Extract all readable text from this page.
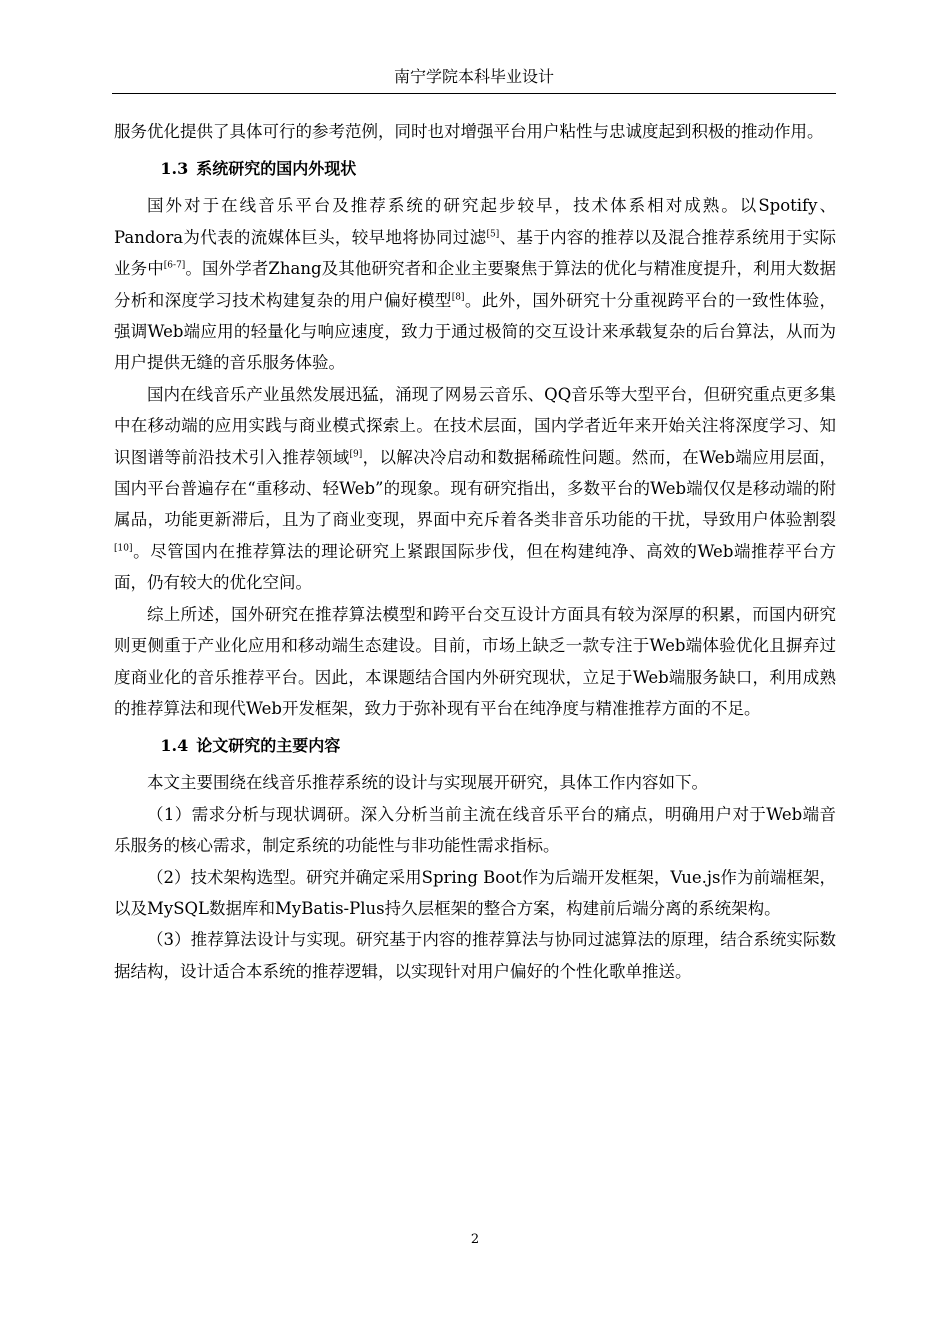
南宁学院本科毕业设计

服务优化提供了具体可行的参考范例，同时也对增强平台用户粘性与忠诚度起到积极的推动作用。

1.3 系统研究的国内外现状

国外对于在线音乐平台及推荐系统的研究起步较早，技术体系相对成熟。以Spotify、Pandora为代表的流媒体巨头，较早地将协同过滤[5]、基于内容的推荐以及混合推荐系统用于实际业务中[6-7]。国外学者Zhang及其他研究者和企业主要聚焦于算法的优化与精准度提升，利用大数据分析和深度学习技术构建复杂的用户偏好模型[8]。此外，国外研究十分重视跨平台的一致性体验，强调Web端应用的轻量化与响应速度，致力于通过极简的交互设计来承载复杂的后台算法，从而为用户提供无缝的音乐服务体验。

国内在线音乐产业虽然发展迅猛，涌现了网易云音乐、QQ音乐等大型平台，但研究重点更多集中在移动端的应用实践与商业模式探索上。在技术层面，国内学者近年来开始关注将深度学习、知识图谱等前沿技术引入推荐领域[9]，以解决冷启动和数据稀疏性问题。然而，在Web端应用层面，国内平台普遍存在“重移动、轻Web”的现象。现有研究指出，多数平台的Web端仅仅是移动端的附属品，功能更新滞后，且为了商业变现，界面中充斥着各类非音乐功能的干扰，导致用户体验割裂[10]。尽管国内在推荐算法的理论研究上紧跟国际步伐，但在构建纯净、高效的Web端推荐平台方面，仍有较大的优化空间。

综上所述，国外研究在推荐算法模型和跨平台交互设计方面具有较为深厚的积累，而国内研究则更侧重于产业化应用和移动端生态建设。目前，市场上缺乏一款专注于Web端体验优化且摒弃过度商业化的音乐推荐平台。因此，本课题结合国内外研究现状，立足于Web端服务缺口，利用成熟的推荐算法和现代Web开发框架，致力于弥补现有平台在纯净度与精准推荐方面的不足。

1.4 论文研究的主要内容

本文主要围绕在线音乐推荐系统的设计与实现展开研究，具体工作内容如下。

（1）需求分析与现状调研。深入分析当前主流在线音乐平台的痛点，明确用户对于Web端音乐服务的核心需求，制定系统的功能性与非功能性需求指标。

（2）技术架构选型。研究并确定采用Spring Boot作为后端开发框架，Vue.js作为前端框架，以及MySQL数据库和MyBatis-Plus持久层框架的整合方案，构建前后端分离的系统架构。

（3）推荐算法设计与实现。研究基于内容的推荐算法与协同过滤算法的原理，结合系统实际数据结构，设计适合本系统的推荐逻辑，以实现针对用户偏好的个性化歌单推送。

2
